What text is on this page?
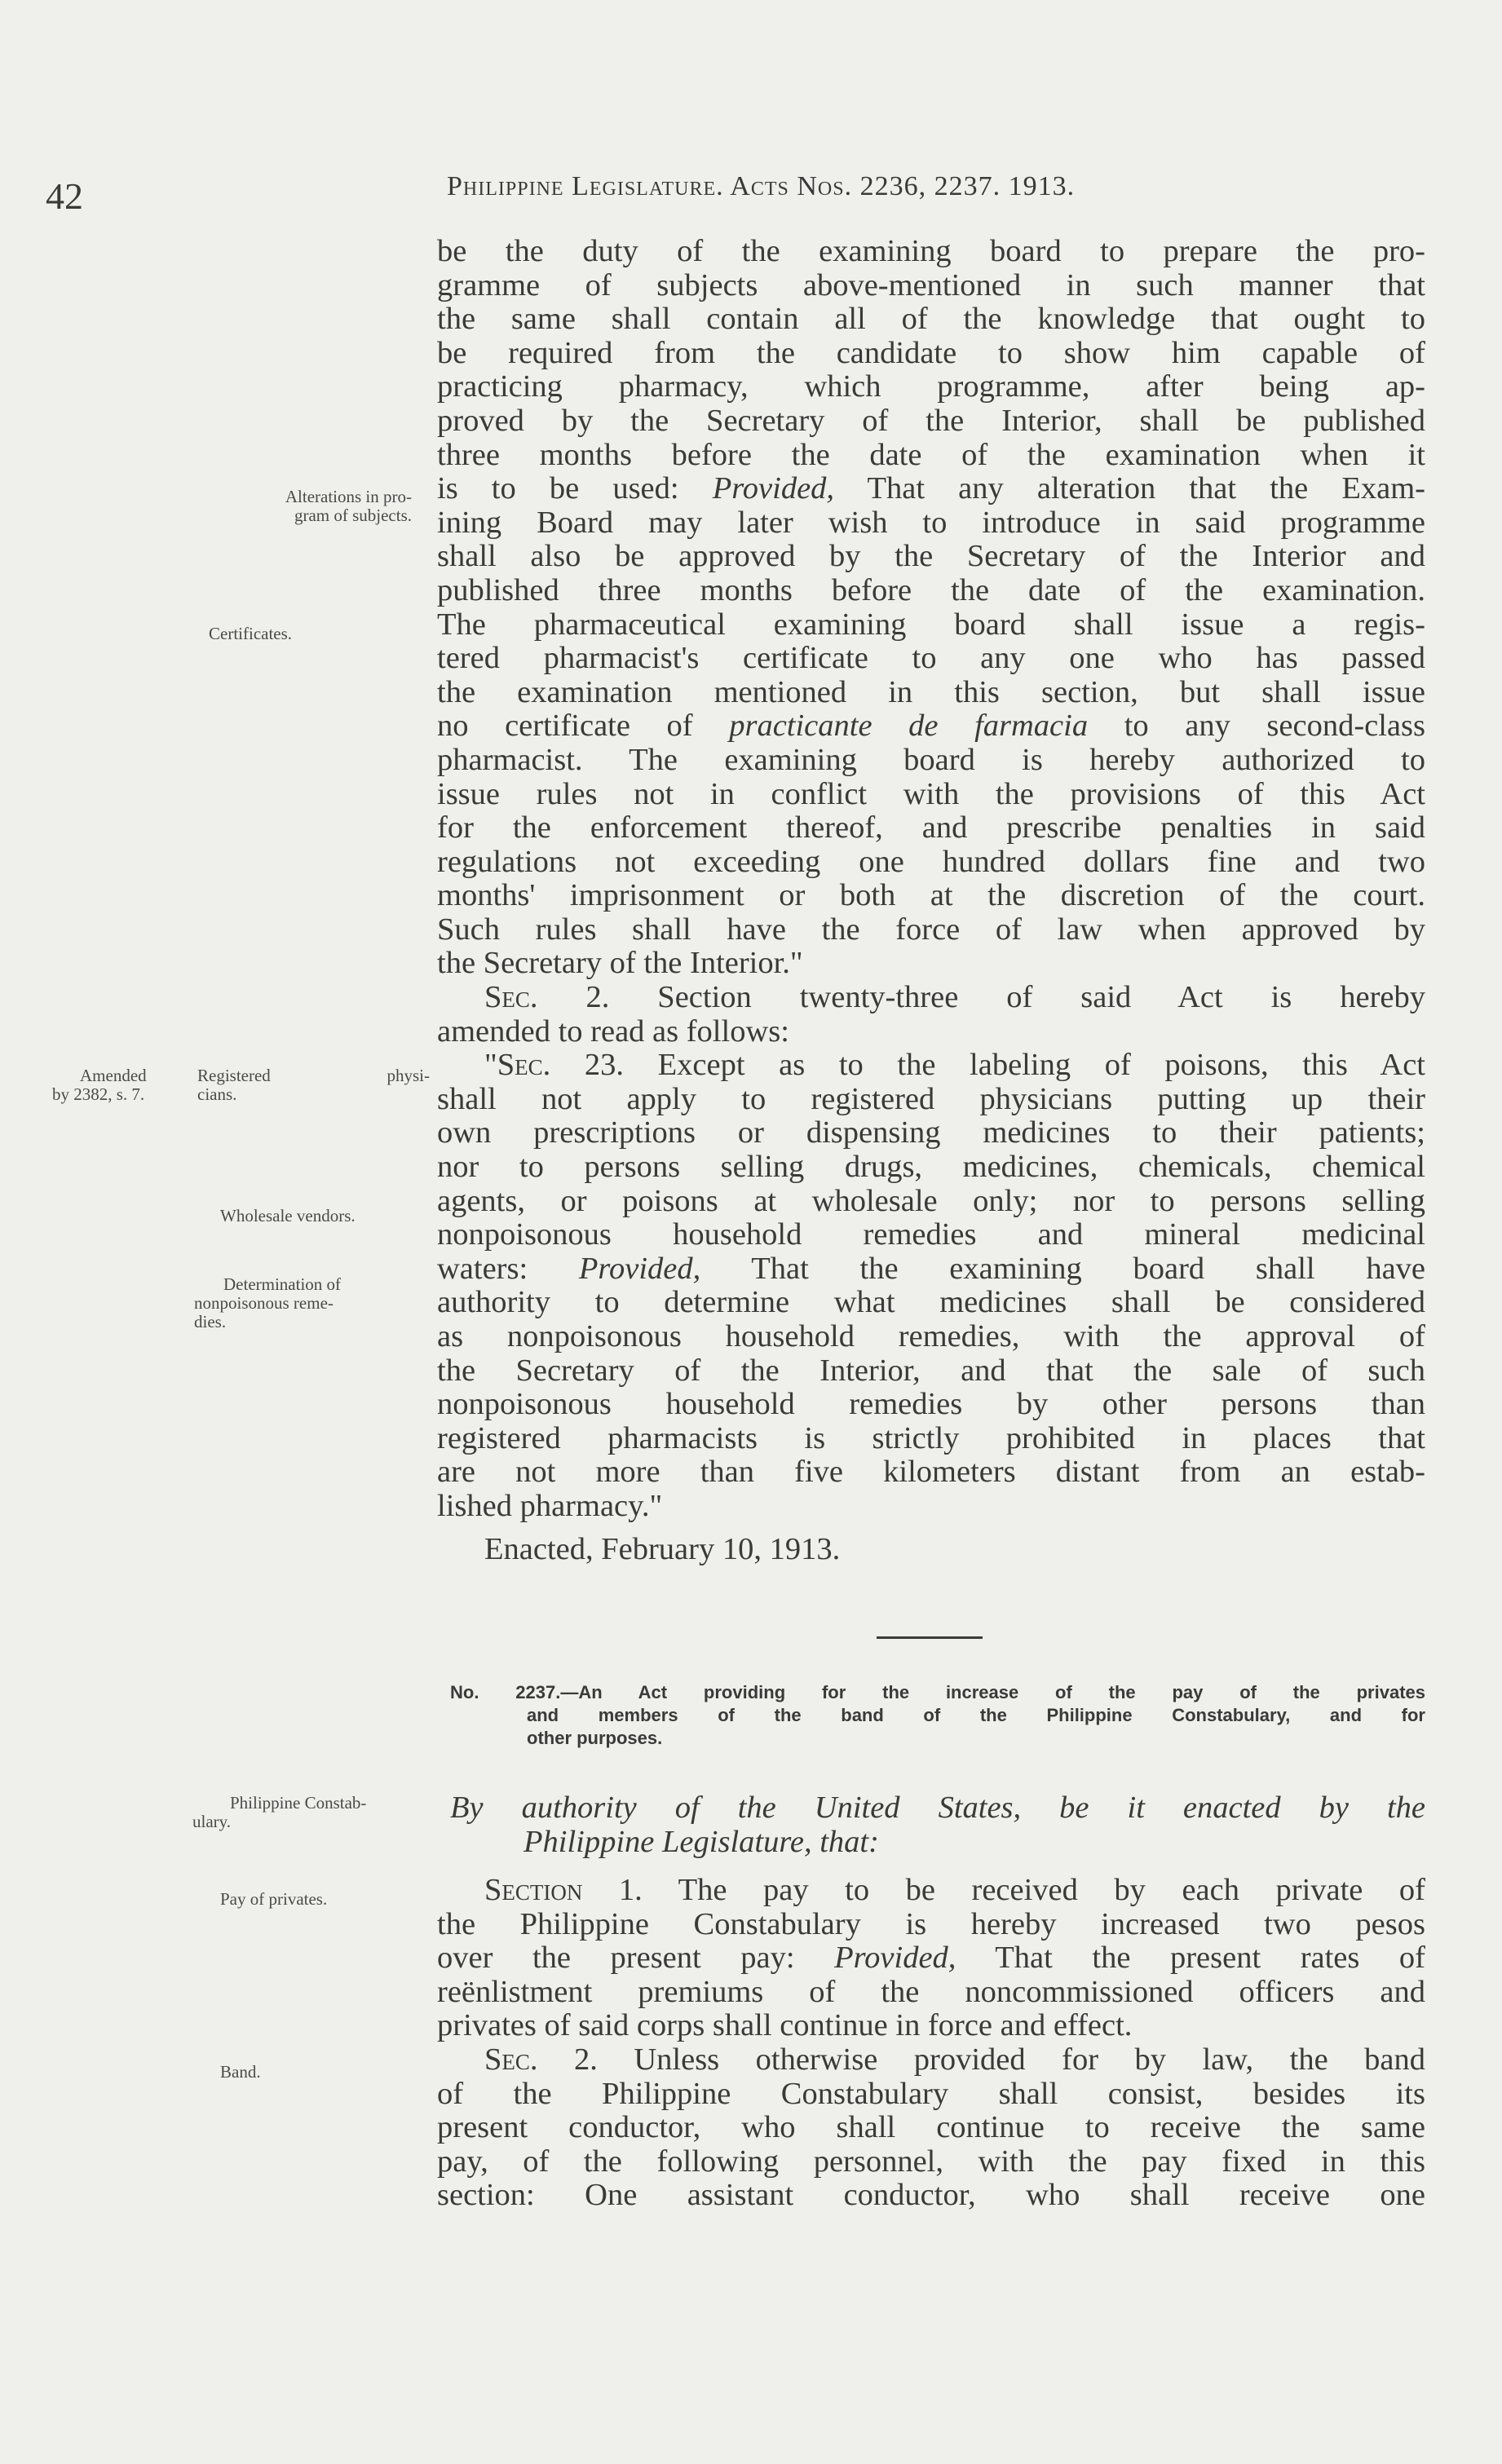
42	Philippine Legislature. Acts Nos. 2236, 2237. 1913.
Alterations in pro-
gram of subjects.
Certificates.
Amended
by 2382, s. 7.
Registered physi-
cians.
Wholesale vendors.
Determination of
nonpoisonous reme-
dies.
Philippine Constab-
ulary.
Pay of privates.
Band.
be the duty of the examining board to prepare the pro-
gramme of subjects above-mentioned in such manner that
the same shall contain all of the knowledge that ought to
be required from the candidate to show him capable of
practicing pharmacy, which programme, after being ap-
proved by the Secretary of the Interior, shall be published
three months before the date of the examination when it
is to be used: Provided, That any alteration that the Exam-
ining Board may later wish to introduce in said programme
shall also be approved by the Secretary of the Interior and
published three months before the date of the examination.
The pharmaceutical examining board shall issue a regis-
tered pharmacist's certificate to any one who has passed
the examination mentioned in this section, but shall issue
no certificate of practicante de farmacia to any second-class
pharmacist. The examining board is hereby authorized to
issue rules not in conflict with the provisions of this Act
for the enforcement thereof, and prescribe penalties in said
regulations not exceeding one hundred dollars fine and two
months' imprisonment or both at the discretion of the court.
Such rules shall have the force of law when approved by
the Secretary of the Interior."
Sec. 2. Section twenty-three of said Act is hereby
amended to read as follows:
"Sec. 23. Except as to the labeling of poisons, this Act
shall not apply to registered physicians putting up their
own prescriptions or dispensing medicines to their patients;
nor to persons selling drugs, medicines, chemicals, chemical
agents, or poisons at wholesale only; nor to persons selling
nonpoisonous household remedies and mineral medicinal
waters: Provided, That the examining board shall have
authority to determine what medicines shall be considered
as nonpoisonous household remedies, with the approval of
the Secretary of the Interior, and that the sale of such
nonpoisonous household remedies by other persons than
registered pharmacists is strictly prohibited in places that
are not more than five kilometers distant from an estab-
lished pharmacy."
Enacted, February 10, 1913.
No. 2237.—An Act providing for the increase of the pay of the privates
and members of the band of the Philippine Constabulary, and for
other purposes.
By authority of the United States, be it enacted by the
Philippine Legislature, that:
Section 1. The pay to be received by each private of
the Philippine Constabulary is hereby increased two pesos
over the present pay: Provided, That the present rates of
reënlistment premiums of the noncommissioned officers and
privates of said corps shall continue in force and effect.
Sec. 2. Unless otherwise provided for by law, the band
of the Philippine Constabulary shall consist, besides its
present conductor, who shall continue to receive the same
pay, of the following personnel, with the pay fixed in this
section: One assistant conductor, who shall receive one
